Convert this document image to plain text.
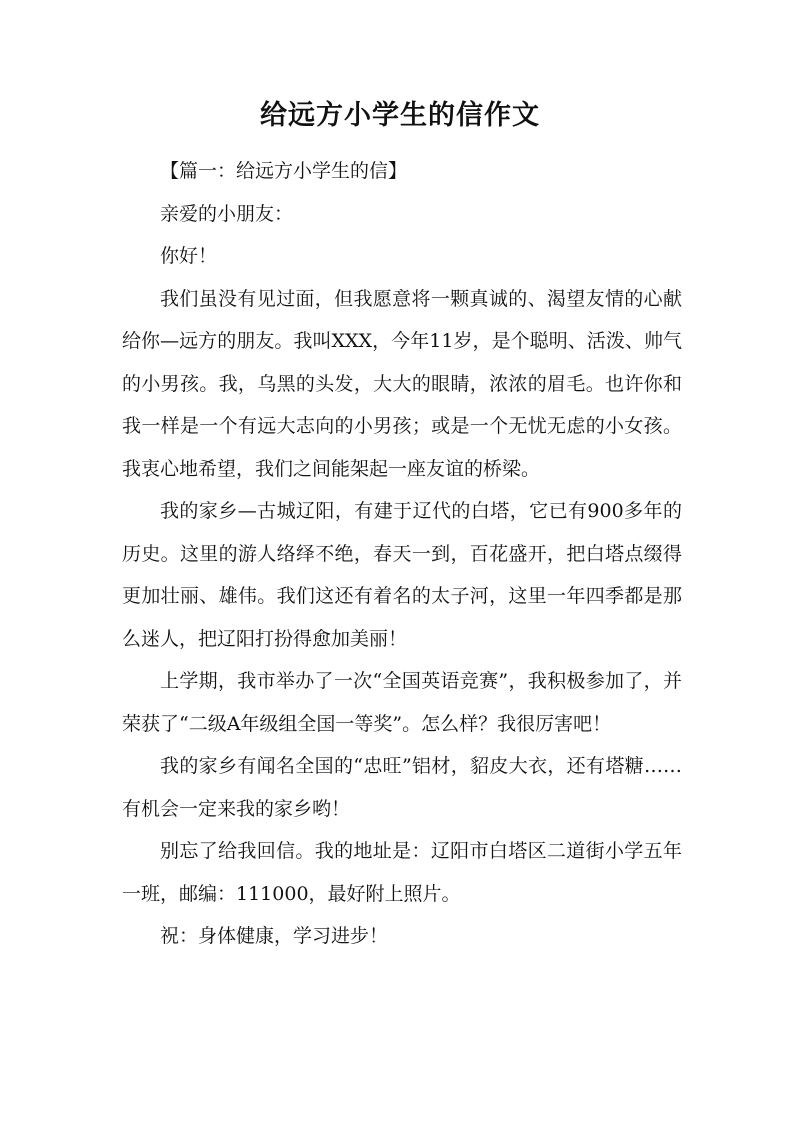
给远方小学生的信作文

【篇一：给远方小学生的信】

亲爱的小朋友：

你好！

我们虽没有见过面，但我愿意将一颗真诚的、渴望友情的心献给你—远方的朋友。我叫XXX，今年11岁，是个聪明、活泼、帅气的小男孩。我，乌黑的头发，大大的眼睛，浓浓的眉毛。也许你和我一样是一个有远大志向的小男孩；或是一个无忧无虑的小女孩。我衷心地希望，我们之间能架起一座友谊的桥梁。

我的家乡—古城辽阳，有建于辽代的白塔，它已有900多年的历史。这里的游人络绎不绝，春天一到，百花盛开，把白塔点缀得更加壮丽、雄伟。我们这还有着名的太子河，这里一年四季都是那么迷人，把辽阳打扮得愈加美丽！

上学期，我市举办了一次“全国英语竞赛”，我积极参加了，并荣获了“二级A年级组全国一等奖”。怎么样？我很厉害吧！

我的家乡有闻名全国的“忠旺”铝材，貂皮大衣，还有塔糖……有机会一定来我的家乡哟！

别忘了给我回信。我的地址是：辽阳市白塔区二道街小学五年一班，邮编：111000，最好附上照片。

祝：身体健康，学习进步！
